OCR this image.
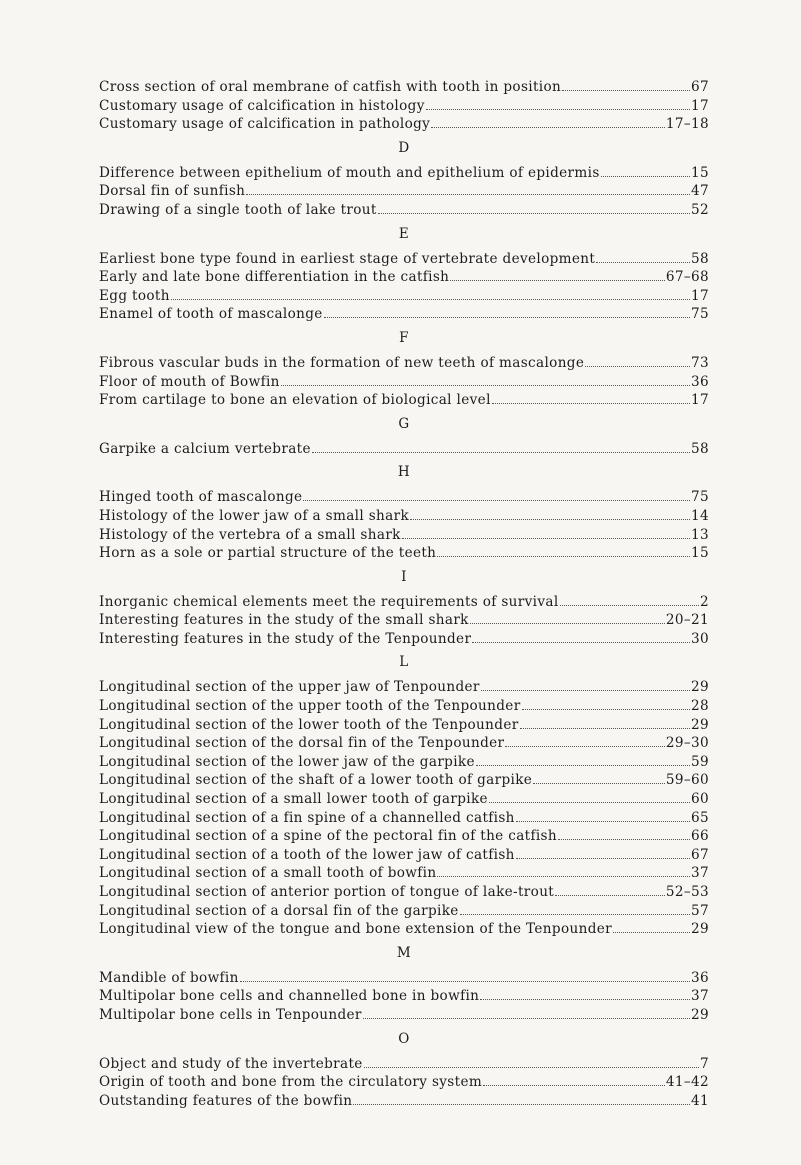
Cross section of oral membrane of catfish with tooth in position	67
Customary usage of calcification in histology	17
Customary usage of calcification in pathology	17–18
D
Difference between epithelium of mouth and epithelium of epidermis	15
Dorsal fin of sunfish	47
Drawing of a single tooth of lake trout	52
E
Earliest bone type found in earliest stage of vertebrate development	58
Early and late bone differentiation in the catfish	67–68
Egg tooth	17
Enamel of tooth of mascalonge	75
F
Fibrous vascular buds in the formation of new teeth of mascalonge	73
Floor of mouth of Bowfin	36
From cartilage to bone an elevation of biological level	17
G
Garpike a calcium vertebrate	58
H
Hinged tooth of mascalonge	75
Histology of the lower jaw of a small shark	14
Histology of the vertebra of a small shark	13
Horn as a sole or partial structure of the teeth	15
I
Inorganic chemical elements meet the requirements of survival	2
Interesting features in the study of the small shark	20–21
Interesting features in the study of the Tenpounder	30
L
Longitudinal section of the upper jaw of Tenpounder	29
Longitudinal section of the upper tooth of the Tenpounder	28
Longitudinal section of the lower tooth of the Tenpounder	29
Longitudinal section of the dorsal fin of the Tenpounder	29–30
Longitudinal section of the lower jaw of the garpike	59
Longitudinal section of the shaft of a lower tooth of garpike	59–60
Longitudinal section of a small lower tooth of garpike	60
Longitudinal section of a fin spine of a channelled catfish	65
Longitudinal section of a spine of the pectoral fin of the catfish	66
Longitudinal section of a tooth of the lower jaw of catfish	67
Longitudinal section of a small tooth of bowfin	37
Longitudinal section of anterior portion of tongue of lake-trout	52–53
Longitudinal section of a dorsal fin of the garpike	57
Longitudinal view of the tongue and bone extension of the Tenpounder	29
M
Mandible of bowfin	36
Multipolar bone cells and channelled bone in bowfin	37
Multipolar bone cells in Tenpounder	29
O
Object and study of the invertebrate	7
Origin of tooth and bone from the circulatory system	41–42
Outstanding features of the bowfin	41
